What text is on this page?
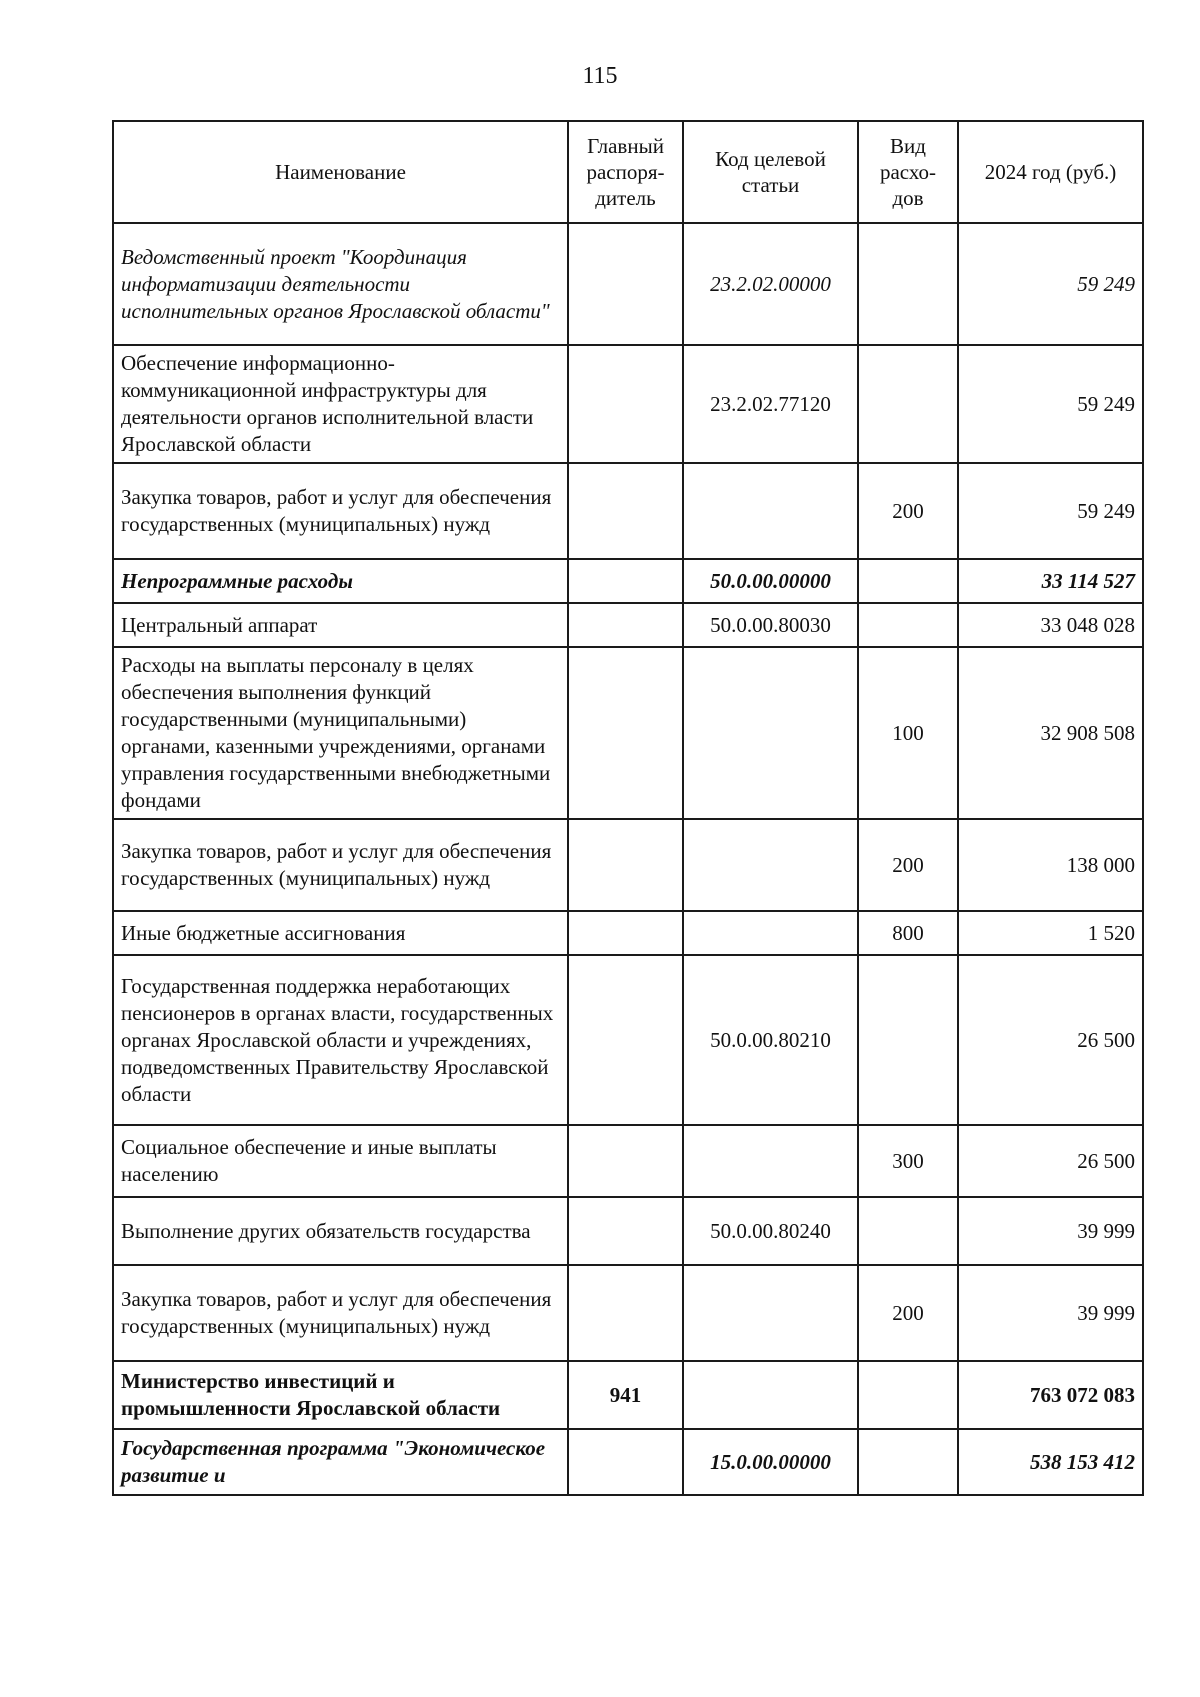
115
Наименование	Главный распоря-дитель	Код целевой статьи	Вид расхо-дов	2024 год (руб.)
Ведомственный проект "Координация информатизации деятельности исполнительных органов Ярославской области"		23.2.02.00000		59 249
Обеспечение информационно-коммуникационной инфраструктуры для деятельности органов исполнительной власти Ярославской области		23.2.02.77120		59 249
Закупка товаров, работ и услуг для обеспечения государственных (муниципальных) нужд			200	59 249
Непрограммные расходы		50.0.00.00000		33 114 527
Центральный аппарат		50.0.00.80030		33 048 028
Расходы на выплаты персоналу в целях обеспечения выполнения функций государственными (муниципальными) органами, казенными учреждениями, органами управления государственными внебюджетными фондами			100	32 908 508
Закупка товаров, работ и услуг для обеспечения государственных (муниципальных) нужд			200	138 000
Иные бюджетные ассигнования			800	1 520
Государственная поддержка неработающих пенсионеров в органах власти, государственных органах Ярославской области и учреждениях, подведомственных Правительству Ярославской области		50.0.00.80210		26 500
Социальное обеспечение и иные выплаты населению			300	26 500
Выполнение других обязательств государства		50.0.00.80240		39 999
Закупка товаров, работ и услуг для обеспечения государственных (муниципальных) нужд			200	39 999
Министерство инвестиций и промышленности Ярославской области	941			763 072 083
Государственная программа "Экономическое развитие и		15.0.00.00000		538 153 412
